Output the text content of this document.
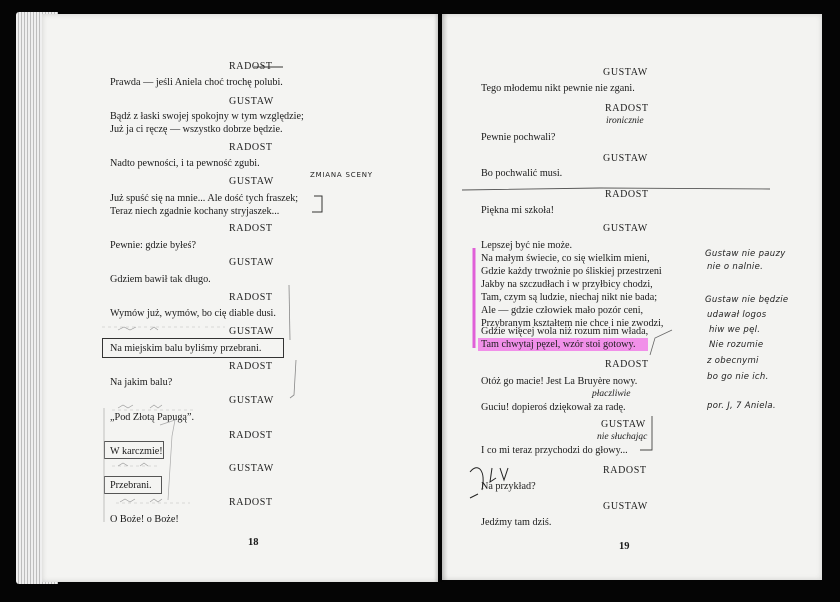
RADOST
Prawda — jeśli Aniela choć trochę polubi.
GUSTAW
Bądź z łaski swojej spokojny w tym względzie;
Już ja ci ręczę — wszystko dobrze będzie.
RADOST
Nadto pewności, i ta pewność zgubi.
GUSTAW
Już spuść się na mnie... Ale dość tych fraszek;
Teraz niech zgadnie kochany stryjaszek...
RADOST
Pewnie: gdzie byłeś?
GUSTAW
Gdziem bawił tak długo.
RADOST
Wymów już, wymów, bo cię diable dusi.
GUSTAW
Na miejskim balu byliśmy przebrani.
RADOST
Na jakim balu?
GUSTAW
„Pod Złotą Papugą”.
RADOST
W karczmie!
GUSTAW
Przebrani.
RADOST
O Boże! o Boże!
18
ZMIANA SCENY
GUSTAW
Tego młodemu nikt pewnie nie zgani.
RADOST
ironicznie
Pewnie pochwali?
GUSTAW
Bo pochwalić musi.
RADOST
Piękna mi szkoła!
GUSTAW
Lepszej być nie może.
Na małym świecie, co się wielkim mieni,
Gdzie każdy trwożnie po śliskiej przestrzeni
Jakby na szczudłach i w przyłbicy chodzi,
Tam, czym są ludzie, niechaj nikt nie bada;
Ale — gdzie człowiek mało pozór ceni,
Przybranym kształtem nie chce i nie zwodzi,
Gdzie więcej wola niż rozum nim włada,
Tam chwytaj pęzel, wzór stoi gotowy.
RADOST
Otóż go macie! Jest La Bruyère nowy.
płaczliwie
Guciu! dopieroś dziękował za radę.
GUSTAW
nie słuchając
I co mi teraz przychodzi do głowy...
RADOST
Na przykład?
GUSTAW
Jedźmy tam dziś.
19
Gustaw nie pauzy
nie o nalnie.
Gustaw nie będzie
udawał logos
hiw we pęl.
Nie rozumie
z obecnymi
bo go nie ich.
por. J, 7 Aniela.
